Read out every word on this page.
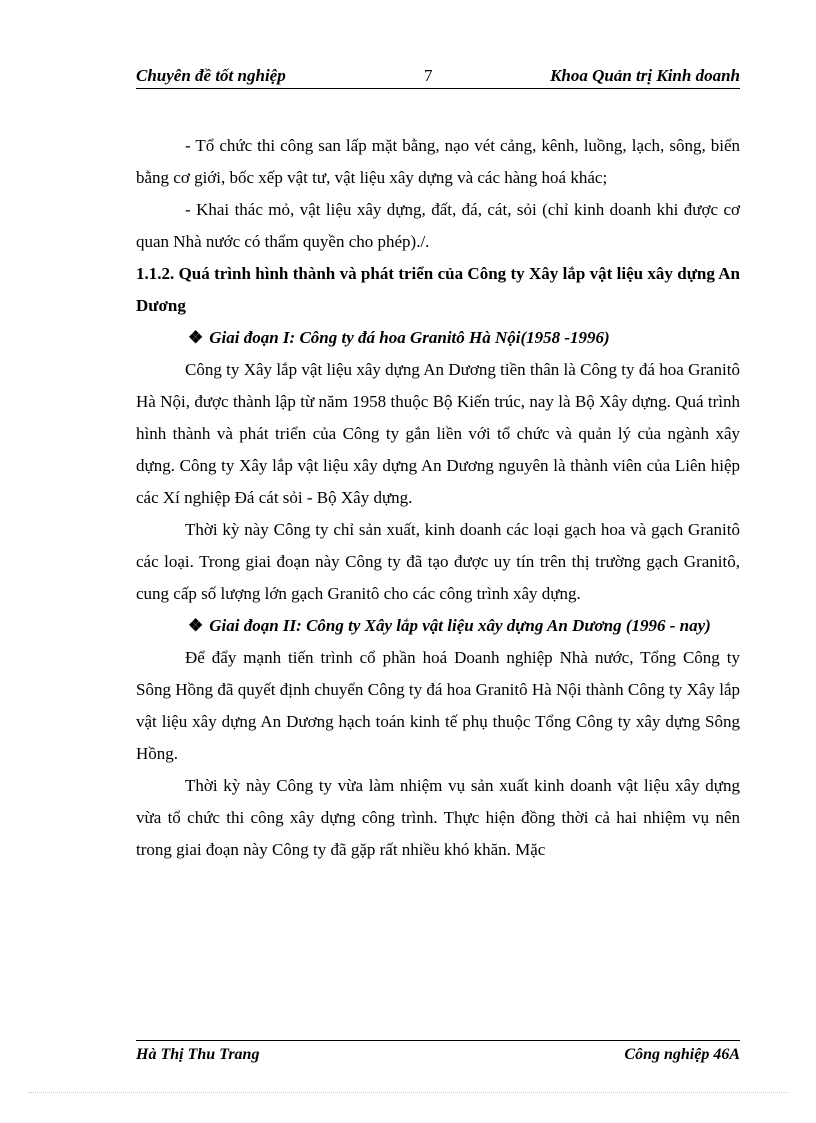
Chuyên đề tốt nghiệp	7	Khoa Quản trị Kinh doanh

- Tổ chức thi công san lấp mặt bằng, nạo vét cảng, kênh, luồng, lạch, sông, biển bằng cơ giới, bốc xếp vật tư, vật liệu xây dựng và các hàng hoá khác;

- Khai thác mỏ, vật liệu xây dựng, đất, đá, cát, sỏi (chỉ kinh doanh khi được cơ quan Nhà nước có thẩm quyền cho phép)./.

1.1.2. Quá trình hình thành và phát triển của Công ty Xây lắp vật liệu xây dựng An Dương

❖ Giai đoạn I: Công ty đá hoa Granitô Hà Nội(1958 -1996)

Công ty Xây lắp vật liệu xây dựng An Dương tiền thân là Công ty đá hoa Granitô Hà Nội, được thành lập từ năm 1958 thuộc Bộ Kiến trúc, nay là Bộ Xây dựng. Quá trình hình thành và phát triển của Công ty gắn liền với tổ chức và quản lý của ngành xây dựng. Công ty Xây lắp vật liệu xây dựng An Dương nguyên là thành viên của Liên hiệp các Xí nghiệp Đá cát sỏi - Bộ Xây dựng.

Thời kỳ này Công ty chỉ sản xuất, kinh doanh các loại gạch hoa và gạch Granitô các loại. Trong giai đoạn này Công ty đã tạo được uy tín trên thị trường gạch Granitô, cung cấp số lượng lớn gạch Granitô cho các công trình xây dựng.

❖ Giai đoạn II: Công ty Xây lắp vật liệu xây dựng An Dương (1996 - nay)

Để đẩy mạnh tiến trình cổ phần hoá Doanh nghiệp Nhà nước, Tổng Công ty Sông Hồng đã quyết định chuyển Công ty đá hoa Granitô Hà Nội thành Công ty Xây lắp vật liệu xây dựng An Dương hạch toán kinh tế phụ thuộc Tổng Công ty xây dựng Sông Hồng.

Thời kỳ này Công ty vừa làm nhiệm vụ sản xuất kinh doanh vật liệu xây dựng vừa tổ chức thi công xây dựng công trình. Thực hiện đồng thời cả hai nhiệm vụ nên trong giai đoạn này Công ty đã gặp rất nhiều khó khăn. Mặc

Hà Thị Thu Trang	Công nghiệp 46A
